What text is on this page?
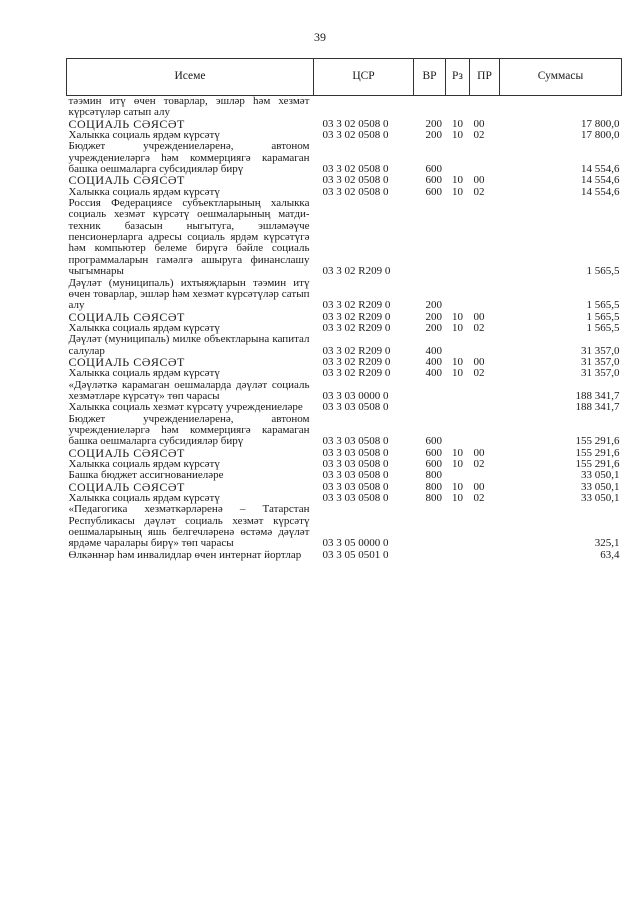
39
Исеме	ЦСР	ВР	Рз	ПР	Суммасы
тәэмин итү өчен товарлар, эшләр һәм хезмәт күрсәтүләр сатып алу					
СОЦИАЛЬ СӘЯСӘТ	03 3 02 0508 0	200	10	00	17 800,0
Халыкка социаль ярдәм күрсәтү	03 3 02 0508 0	200	10	02	17 800,0
Бюджет учреждениеләренә, автоном учреждениеләргә һәм коммерциягә карамаган башка оешмаларга субсидияләр бирү	03 3 02 0508 0	600			14 554,6
СОЦИАЛЬ СӘЯСӘТ	03 3 02 0508 0	600	10	00	14 554,6
Халыкка социаль ярдәм күрсәтү	03 3 02 0508 0	600	10	02	14 554,6
Россия Федерациясе субъектларының халыкка социаль хезмәт күрсәтү оешмаларының матди-техник базасын ныгытуга, эшләмәүче пенсионерларга адресы социаль ярдәм күрсәтүгә һәм компьютер белеме бирүгә бәйле социаль программаларын гамәлгә ашыруга финанслашу чыгымнары	03 3 02 R209 0				1 565,5
Дәүләт (муниципаль) ихтыяҗларын тәэмин итү өчен товарлар, эшләр һәм хезмәт күрсәтүләр сатып алу	03 3 02 R209 0	200			1 565,5
СОЦИАЛЬ СӘЯСӘТ	03 3 02 R209 0	200	10	00	1 565,5
Халыкка социаль ярдәм күрсәтү	03 3 02 R209 0	200	10	02	1 565,5
Дәүләт (муниципаль) милке объектларына капитал салулар	03 3 02 R209 0	400			31 357,0
СОЦИАЛЬ СӘЯСӘТ	03 3 02 R209 0	400	10	00	31 357,0
Халыкка социаль ярдәм күрсәтү	03 3 02 R209 0	400	10	02	31 357,0
«Дәүләткә карамаган оешмаларда дәүләт социаль хезмәтләре күрсәтү» төп чарасы	03 3 03 0000 0				188 341,7
Халыкка социаль хезмәт күрсәтү учреждениеләре	03 3 03 0508 0				188 341,7
Бюджет учреждениеләренә, автоном учреждениеләргә һәм коммерциягә карамаган башка оешмаларга субсидияләр бирү	03 3 03 0508 0	600			155 291,6
СОЦИАЛЬ СӘЯСӘТ	03 3 03 0508 0	600	10	00	155 291,6
Халыкка социаль ярдәм күрсәтү	03 3 03 0508 0	600	10	02	155 291,6
Башка бюджет ассигнованиеләре	03 3 03 0508 0	800			33 050,1
СОЦИАЛЬ СӘЯСӘТ	03 3 03 0508 0	800	10	00	33 050,1
Халыкка социаль ярдәм күрсәтү	03 3 03 0508 0	800	10	02	33 050,1
«Педагогика хезмәткәрләренә – Татарстан Республикасы дәүләт социаль хезмәт күрсәтү оешмаларының яшь белгечләренә өстәмә дәүләт ярдәме чаралары бирү» төп чарасы	03 3 05 0000 0				325,1
Өлкәннәр һәм инвалидлар өчен интернат йортлар	03 3 05 0501 0				63,4
